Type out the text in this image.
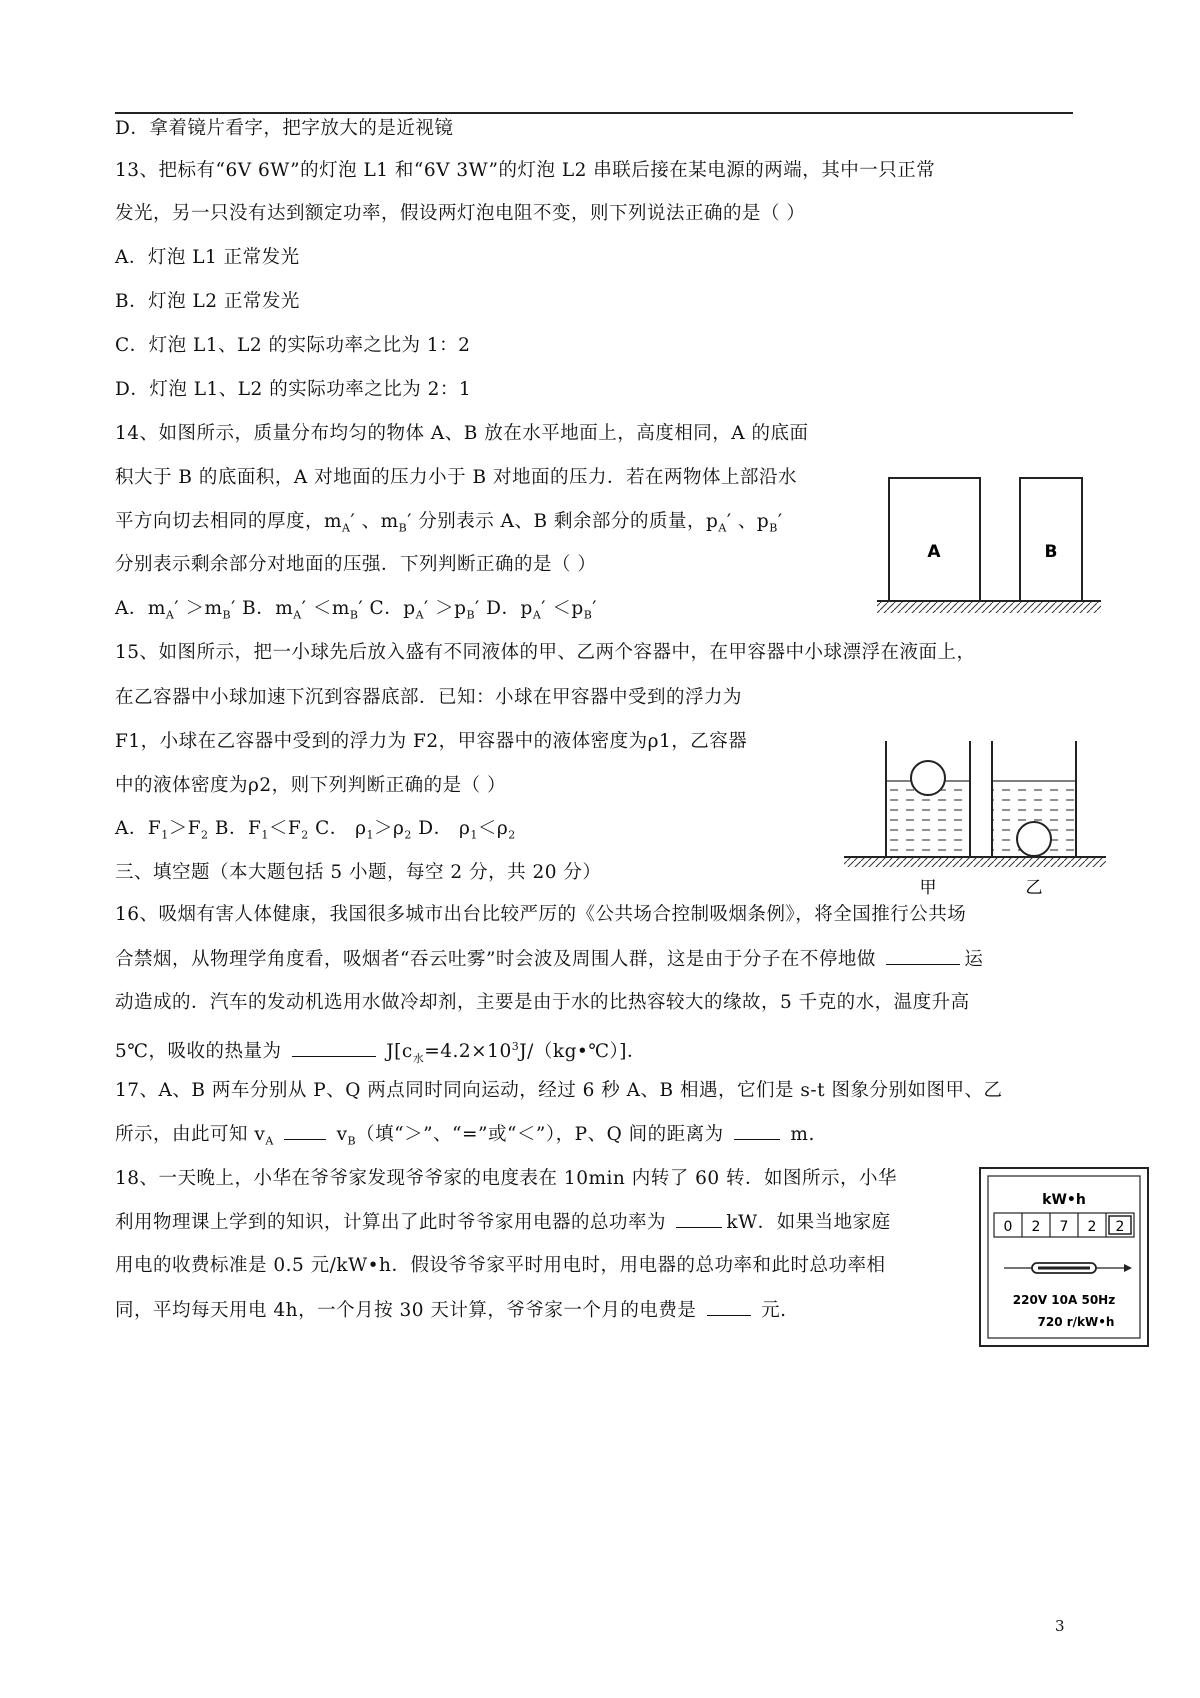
D．拿着镜片看字，把字放大的是近视镜
13、把标有“6V 6W”的灯泡 L1 和“6V 3W”的灯泡 L2 串联后接在某电源的两端，其中一只正常
发光，另一只没有达到额定功率，假设两灯泡电阻不变，则下列说法正确的是（ ）
A．灯泡 L1 正常发光
B．灯泡 L2 正常发光
C．灯泡 L1、L2 的实际功率之比为 1：2
D．灯泡 L1、L2 的实际功率之比为 2：1
14、如图所示，质量分布均匀的物体 A、B 放在水平地面上，高度相同，A 的底面
积大于 B 的底面积，A 对地面的压力小于 B 对地面的压力．若在两物体上部沿水
平方向切去相同的厚度，$m_A'$ 、$m_B'$ 分别表示 A、B 剩余部分的质量，$p_A'$ 、$p_B'$
分别表示剩余部分对地面的压强．下列判断正确的是（ ）
A．$m_A' >m_B'$ B．$m_A' <m_B'$ C．$p_A' >p_B'$ D．$p_A' <p_B'$
A	B
15、如图所示，把一小球先后放入盛有不同液体的甲、乙两个容器中，在甲容器中小球漂浮在液面上，
在乙容器中小球加速下沉到容器底部．已知：小球在甲容器中受到的浮力为
F1，小球在乙容器中受到的浮力为 F2，甲容器中的液体密度为ρ1，乙容器
中的液体密度为ρ2，则下列判断正确的是（ ）
A．$F_1>F_2$ B．$F_1<F_2$ C． $\rho_1>\rho_2$ D． $\rho_1<\rho_2$
甲	乙
三、填空题（本大题包括 5 小题，每空 2 分，共 20 分）
16、吸烟有害人体健康，我国很多城市出台比较严厉的《公共场合控制吸烟条例》，将全国推行公共场
合禁烟，从物理学角度看，吸烟者“吞云吐雾”时会波及周围人群，这是由于分子在不停地做	运
动造成的．汽车的发动机选用水做冷却剂，主要是由于水的比热容较大的缘故，5 千克的水，温度升高
5℃，吸收的热量为	$J[c_水=4.2\times 10^3J/(kg•℃)]$．
17、A、B 两车分别从 P、Q 两点同时同向运动，经过 6 秒 A、B 相遇，它们是 s-t 图象分别如图甲、乙
所示，由此可知 $v_A$	$v_B$（填“＞”、“=”或“＜”），P、Q 间的距离为	m.
18、一天晚上，小华在爷爷家发现爷爷家的电度表在 10min 内转了 60 转．如图所示，小华
利用物理课上学到的知识，计算出了此时爷爷家用电器的总功率为	kW．如果当地家庭
用电的收费标准是 0.5 元/kW•h．假设爷爷家平时用电时，用电器的总功率和此时总功率相
同，平均每天用电 4h，一个月按 30 天计算，爷爷家一个月的电费是	元.
kW•h
0 2 7 2 2
220V 10A 50Hz
720 r/kW•h
3
